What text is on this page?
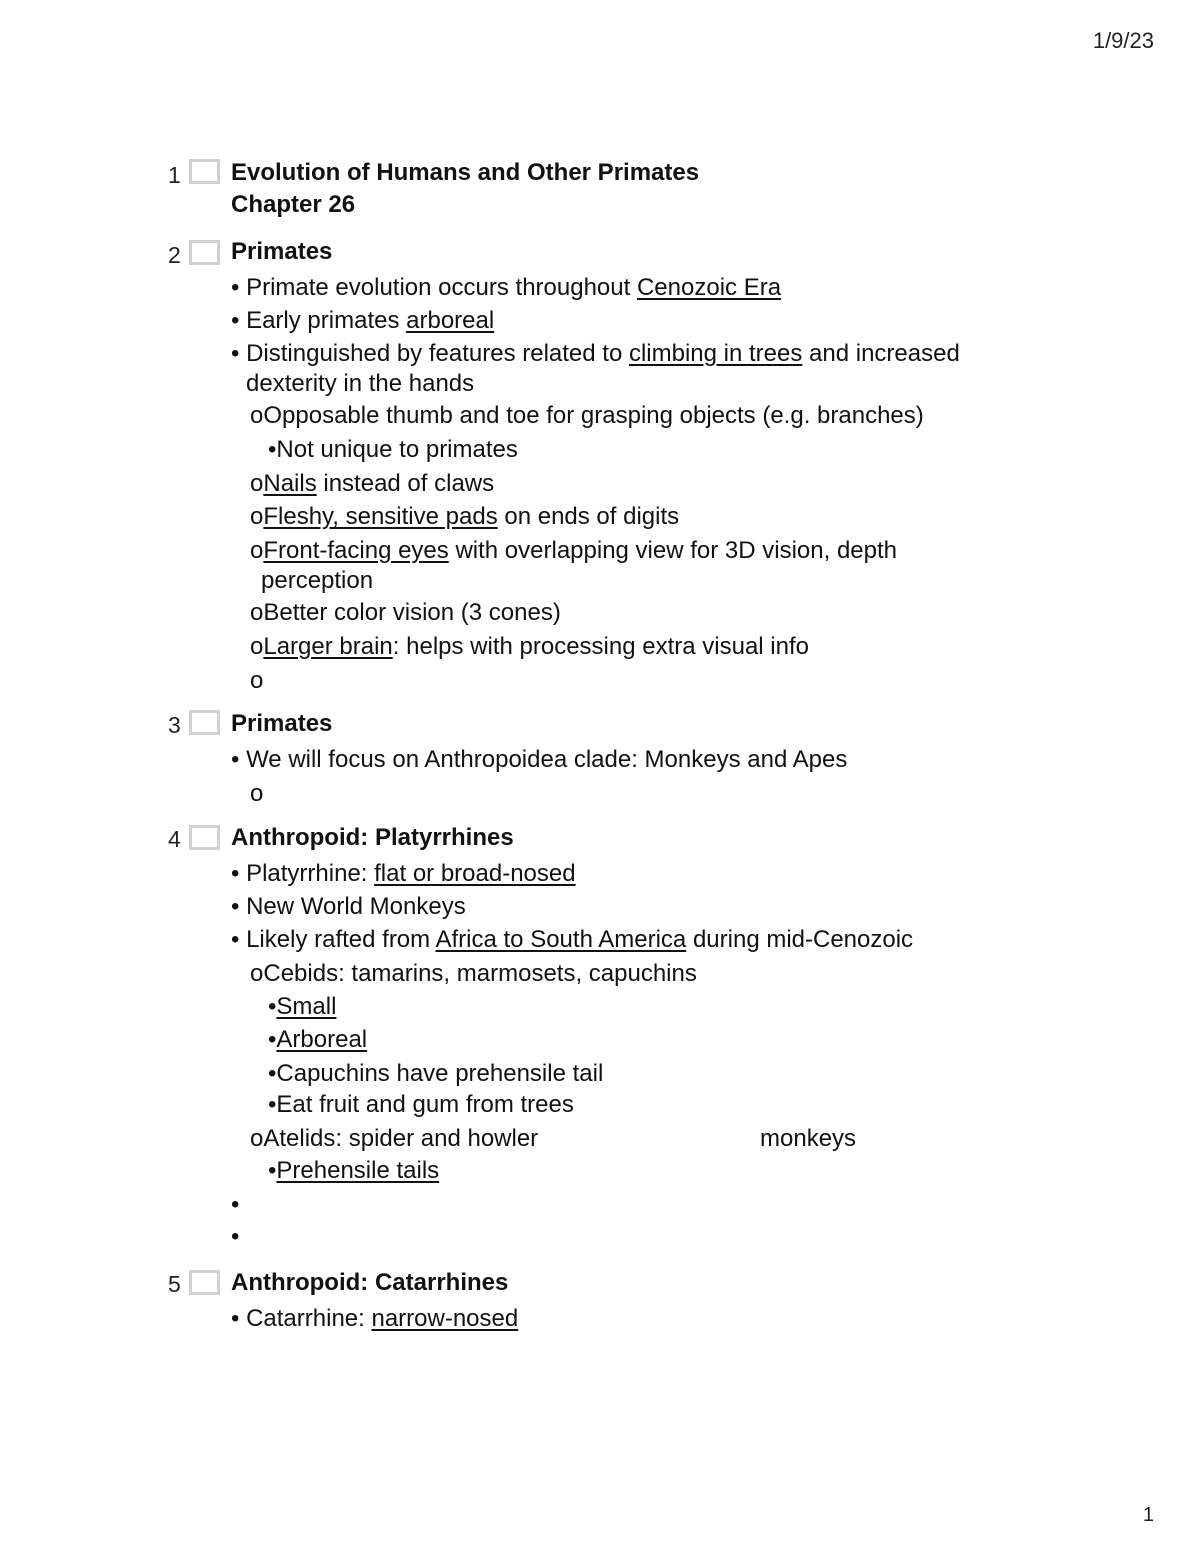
1/9/23
1 Evolution of Humans and Other Primates
Chapter 26
2 Primates
• Primate evolution occurs throughout Cenozoic Era
• Early primates arboreal
• Distinguished by features related to climbing in trees and increased
dexterity in the hands
oOpposable thumb and toe for grasping objects (e.g. branches)
•Not unique to primates
oNails instead of claws
oFleshy, sensitive pads on ends of digits
oFront-facing eyes with overlapping view for 3D vision, depth
perception
oBetter color vision (3 cones)
oLarger brain: helps with processing extra visual info
o
3 Primates
• We will focus on Anthropoidea clade: Monkeys and Apes
o
4 Anthropoid: Platyrrhines
• Platyrrhine: flat or broad-nosed
• New World Monkeys
• Likely rafted from Africa to South America during mid-Cenozoic
oCebids: tamarins, marmosets, capuchins
•Small
•Arboreal
•Capuchins have prehensile tail
•Eat fruit and gum from trees
oAtelids: spider and howler	monkeys
•Prehensile tails
•
•
5 Anthropoid: Catarrhines
• Catarrhine: narrow-nosed
1
